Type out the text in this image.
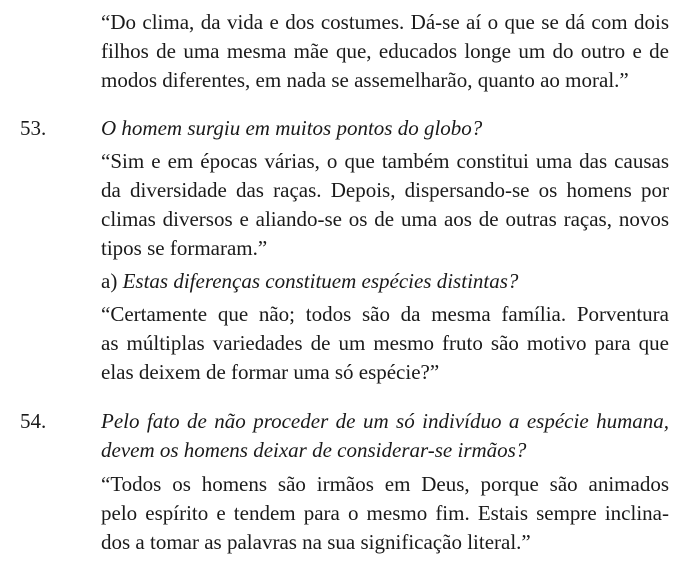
“Do clima, da vida e dos costumes. Dá-se aí o que se dá com dois
filhos de uma mesma mãe que, educados longe um do outro e de
modos diferentes, em nada se assemelharão, quanto ao moral.”
53.	O homem surgiu em muitos pontos do globo?
“Sim e em épocas várias, o que também constitui uma das causas
da diversidade das raças. Depois, dispersando-se os homens por
climas diversos e aliando-se os de uma aos de outras raças, novos
tipos se formaram.”
a) Estas diferenças constituem espécies distintas?
“Certamente que não; todos são da mesma família. Porventura
as múltiplas variedades de um mesmo fruto são motivo para que
elas deixem de formar uma só espécie?”
54.	Pelo fato de não proceder de um só indivíduo a espécie humana,
devem os homens deixar de considerar-se irmãos?
“Todos os homens são irmãos em Deus, porque são animados
pelo espírito e tendem para o mesmo fim. Estais sempre inclina-
dos a tomar as palavras na sua significação literal.”
